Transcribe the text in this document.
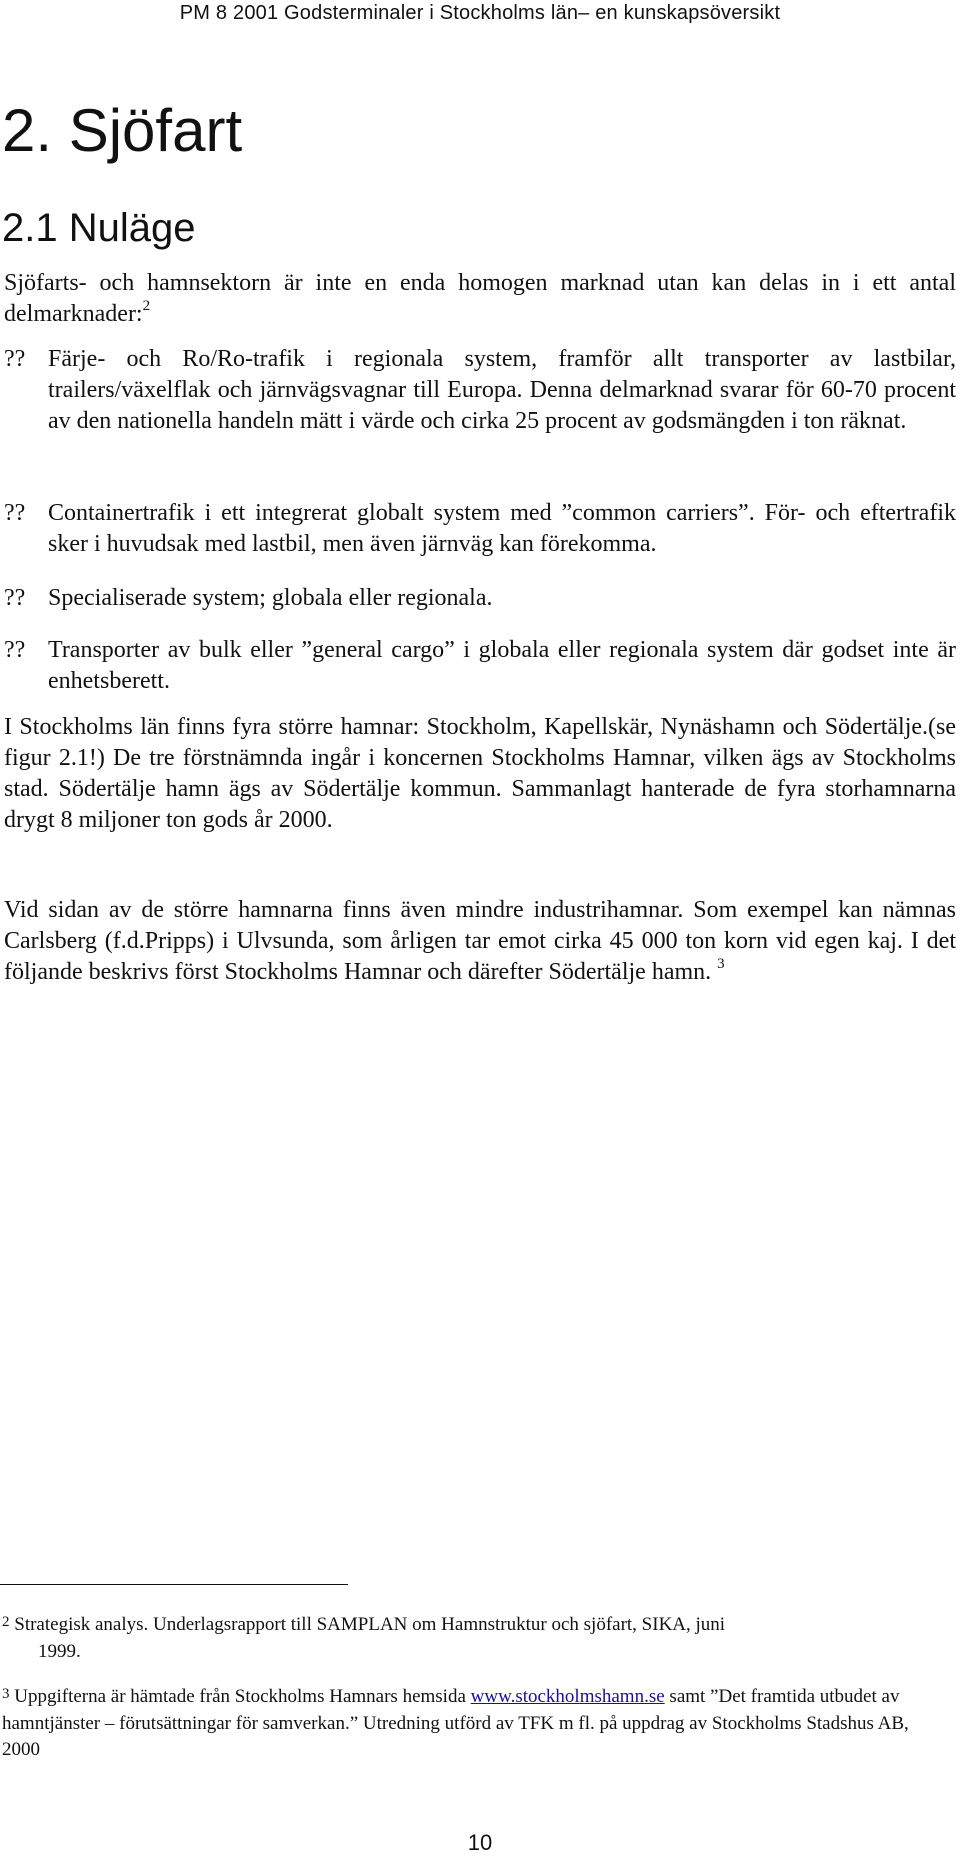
PM 8 2001 Godsterminaler i Stockholms län– en kunskapsöversikt
2. Sjöfart
2.1 Nuläge

Sjöfarts- och hamnsektorn är inte en enda homogen marknad utan kan delas in i ett antal delmarknader:$^2$

?? Färje- och Ro/Ro-trafik i regionala system, framför allt transporter av lastbilar, trailers/växelflak och järnvägsvagnar till Europa. Denna delmarknad svarar för 60-70 procent av den nationella handeln mätt i värde och cirka 25 procent av godsmängden i ton räknat.
?? Containertrafik i ett integrerat globalt system med ”common carriers”. För- och eftertrafik sker i huvudsak med lastbil, men även järnväg kan förekomma.
?? Specialiserade system; globala eller regionala.
?? Transporter av bulk eller ”general cargo” i globala eller regionala system där godset inte är enhetsberett.

I Stockholms län finns fyra större hamnar: Stockholm, Kapellskär, Nynäshamn och Södertälje.(se figur 2.1!) De tre förstnämnda ingår i koncernen Stockholms Hamnar, vilken ägs av Stockholms stad. Södertälje hamn ägs av Södertälje kommun. Sammanlagt hanterade de fyra storhamnarna drygt 8 miljoner ton gods år 2000.

Vid sidan av de större hamnarna finns även mindre industrihamnar. Som exempel kan nämnas Carlsberg (f.d.Pripps) i Ulvsunda, som årligen tar emot cirka 45 000 ton korn vid egen kaj. I det följande beskrivs först Stockholms Hamnar och därefter Södertälje hamn. $^3$

$^2$ Strategisk analys. Underlagsrapport till SAMPLAN om Hamnstruktur och sjöfart, SIKA, juni
1999.
$^3$ Uppgifterna är hämtade från Stockholms Hamnars hemsida www.stockholmshamn.se samt ”Det framtida utbudet av hamntjänster – förutsättningar för samverkan.” Utredning utförd av TFK m fl. på uppdrag av Stockholms Stadshus AB, 2000
10
